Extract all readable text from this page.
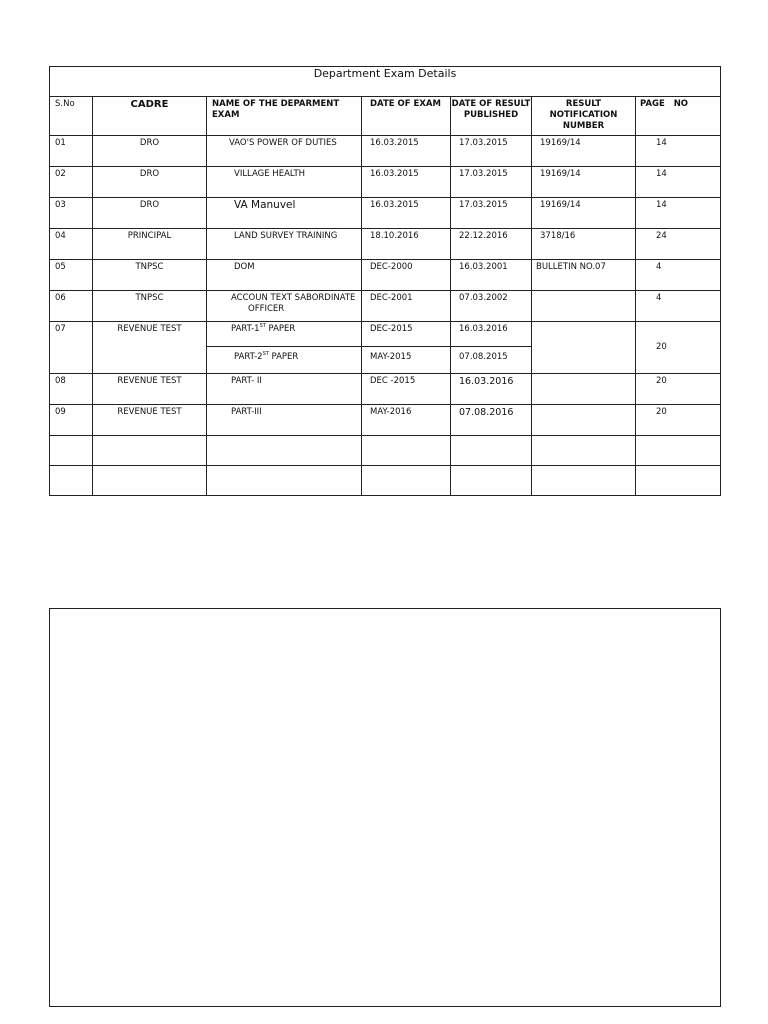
Department Exam Details						
S.No	CADRE	NAME OF THE DEPARMENT EXAM	DATE OF EXAM	DATE OF RESULT PUBLISHED	RESULT NOTIFICATION NUMBER	PAGE   NO
01	DRO	VAO'S POWER OF DUTIES	16.03.2015	17.03.2015	19169/14	14
02	DRO	VILLAGE HEALTH	16.03.2015	17.03.2015	19169/14	14
03	DRO	VA Manuvel	16.03.2015	17.03.2015	19169/14	14
04	PRINCIPAL	LAND SURVEY TRAINING	18.10.2016	22.12.2016	3718/16	24
05	TNPSC	DOM	DEC-2000	16.03.2001	BULLETIN NO.07	4
06	TNPSC	ACCOUN TEXT SABORDINATE
OFFICER	DEC-2001	07.03.2002		4
07	REVENUE TEST	PART-1ST PAPER	DEC-2015	16.03.2016		20
		PART-2ST PAPER	MAY-2015	07.08.2015		
08	REVENUE TEST	PART- II	DEC -2015	16.03.2016		20
09	REVENUE TEST	PART-III	MAY-2016	07.08.2016		20
